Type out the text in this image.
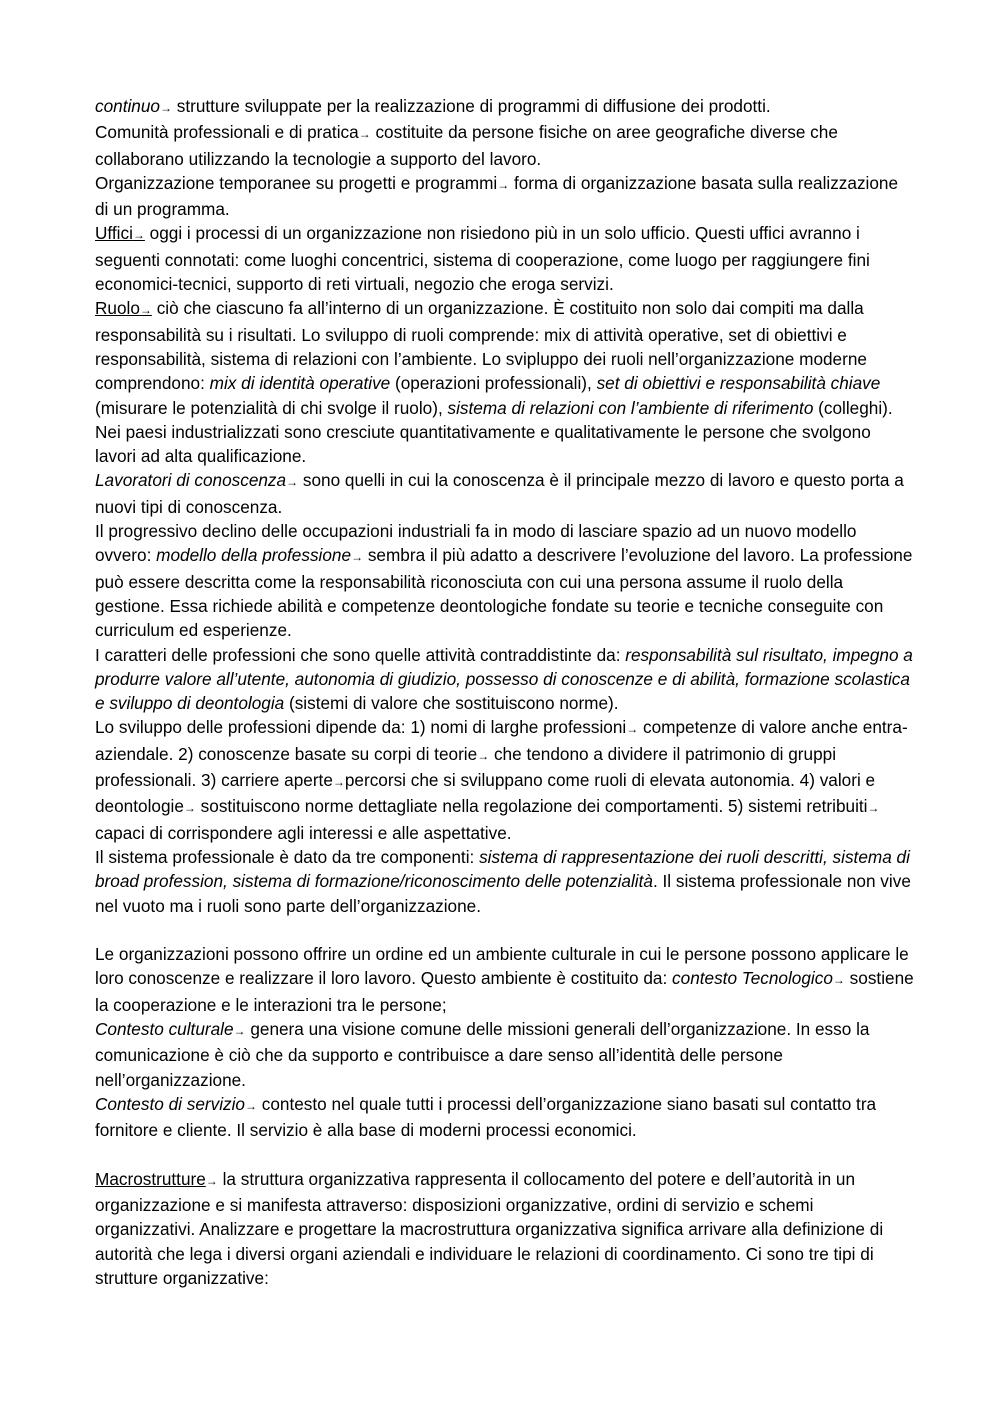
continuo→ strutture sviluppate per la realizzazione di programmi di diffusione dei prodotti.

Comunità professionali e di pratica→ costituite da persone fisiche on aree geografiche diverse che collaborano utilizzando la tecnologie a supporto del lavoro.

Organizzazione temporanee su progetti e programmi→ forma di organizzazione basata sulla realizzazione di un programma.

Uffici→ oggi i processi di un organizzazione non risiedono più in un solo ufficio. Questi uffici avranno i seguenti connotati: come luoghi concentrici, sistema di cooperazione, come luogo per raggiungere fini economici-tecnici, supporto di reti virtuali, negozio che eroga servizi.

Ruolo→ ciò che ciascuno fa all’interno di un organizzazione. È costituito non solo dai compiti ma dalla responsabilità su i risultati. Lo sviluppo di ruoli comprende: mix di attività operative, set di obiettivi e responsabilità, sistema di relazioni con l’ambiente. Lo svipluppo dei ruoli nell’organizzazione moderne comprendono: mix di identità operative (operazioni professionali), set di obiettivi e responsabilità chiave (misurare le potenzialità di chi svolge il ruolo), sistema di relazioni con l’ambiente di riferimento (colleghi).

Nei paesi industrializzati sono cresciute quantitativamente e qualitativamente le persone che svolgono lavori ad alta qualificazione.

Lavoratori di conoscenza→ sono quelli in cui la conoscenza è il principale mezzo di lavoro e questo porta a nuovi tipi di conoscenza.

Il progressivo declino delle occupazioni industriali fa in modo di lasciare spazio ad un nuovo modello ovvero: modello della professione→ sembra il più adatto a descrivere l’evoluzione del lavoro. La professione può essere descritta come la responsabilità riconosciuta con cui una persona assume il ruolo della gestione. Essa richiede abilità e competenze deontologiche fondate su teorie e tecniche conseguite con curriculum ed esperienze.

I caratteri delle professioni che sono quelle attività contraddistinte da: responsabilità sul risultato, impegno a produrre valore all’utente, autonomia di giudizio, possesso di conoscenze e di abilità, formazione scolastica e sviluppo di deontologia (sistemi di valore che sostituiscono norme).

Lo sviluppo delle professioni dipende da: 1) nomi di larghe professioni→ competenze di valore anche entra-aziendale. 2) conoscenze basate su corpi di teorie→ che tendono a dividere il patrimonio di gruppi professionali. 3) carriere aperte→percorsi che si sviluppano come ruoli di elevata autonomia. 4) valori e deontologie→ sostituiscono norme dettagliate nella regolazione dei comportamenti. 5) sistemi retribuiti→ capaci di corrispondere agli interessi e alle aspettative.

Il sistema professionale è dato da tre componenti: sistema di rappresentazione dei ruoli descritti, sistema di broad profession, sistema di formazione/riconoscimento delle potenzialità. Il sistema professionale non vive nel vuoto ma i ruoli sono parte dell’organizzazione.

Le organizzazioni possono offrire un ordine ed un ambiente culturale in cui le persone possono applicare le loro conoscenze e realizzare il loro lavoro. Questo ambiente è costituito da: contesto Tecnologico→ sostiene la cooperazione e le interazioni tra le persone;

Contesto culturale→ genera una visione comune delle missioni generali dell’organizzazione. In esso la comunicazione è ciò che da supporto e contribuisce a dare senso all’identità delle persone nell’organizzazione.

Contesto di servizio→ contesto nel quale tutti i processi dell’organizzazione siano basati sul contatto tra fornitore e cliente. Il servizio è alla base di moderni processi economici.

Macrostrutture→ la struttura organizzativa rappresenta il collocamento del potere e dell’autorità in un organizzazione e si manifesta attraverso: disposizioni organizzative, ordini di servizio e schemi organizzativi. Analizzare e progettare la macrostruttura organizzativa significa arrivare alla definizione di autorità che lega i diversi organi aziendali e individuare le relazioni di coordinamento. Ci sono tre tipi di strutture organizzative:
